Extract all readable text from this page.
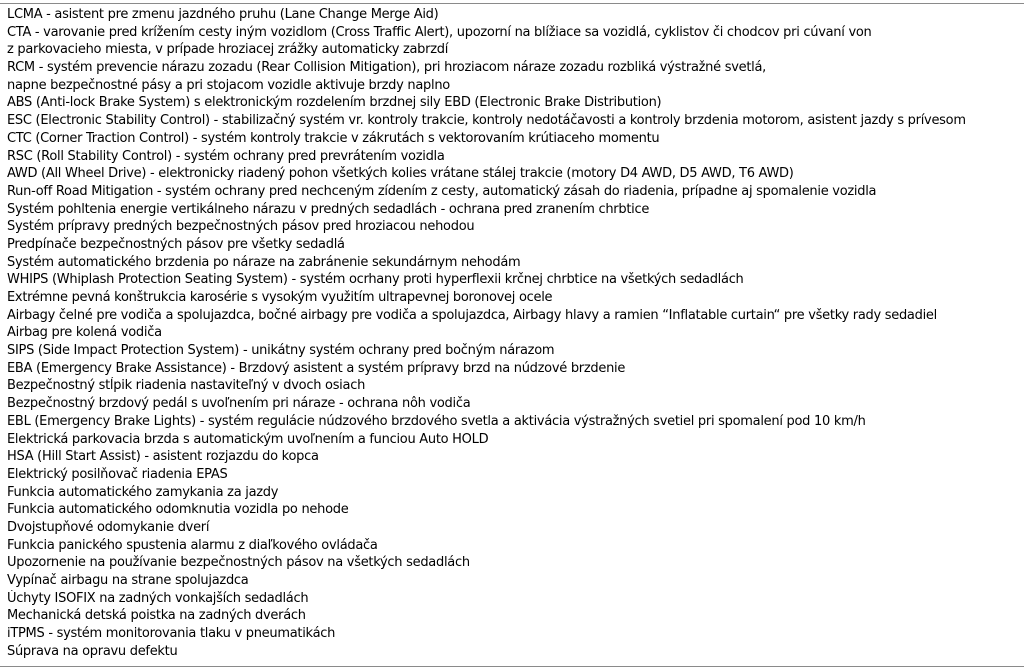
LCMA - asistent pre zmenu jazdného pruhu (Lane Change Merge Aid)
CTA - varovanie pred krížením cesty iným vozidlom (Cross Traffic Alert), upozorní na blížiace sa vozidlá, cyklistov či chodcov pri cúvaní von
z parkovacieho miesta, v prípade hroziacej zrážky automaticky zabrzdí
RCM - systém prevencie nárazu zozadu (Rear Collision Mitigation), pri hroziacom náraze zozadu rozbliká výstražné svetlá,
napne bezpečnostné pásy a pri stojacom vozidle aktivuje brzdy naplno
ABS (Anti-lock Brake System) s elektronickým rozdelením brzdnej sily EBD (Electronic Brake Distribution)
ESC (Electronic Stability Control) - stabilizačný systém vr. kontroly trakcie, kontroly nedotáčavosti a kontroly brzdenia motorom, asistent jazdy s prívesom
CTC (Corner Traction Control) - systém kontroly trakcie v zákrutách s vektorovaním krútiaceho momentu
RSC (Roll Stability Control) - systém ochrany pred prevrátením vozidla
AWD (All Wheel Drive) - elektronicky riadený pohon všetkých kolies vrátane stálej trakcie (motory D4 AWD, D5 AWD, T6 AWD)
Run-off Road Mitigation - systém ochrany pred nechceným zídením z cesty, automatický zásah do riadenia, prípadne aj spomalenie vozidla
Systém pohltenia energie vertikálneho nárazu v predných sedadlách - ochrana pred zranením chrbtice
Systém prípravy predných bezpečnostných pásov pred hroziacou nehodou
Predpínače bezpečnostných pásov pre všetky sedadlá
Systém automatického brzdenia po náraze na zabránenie sekundárnym nehodám
WHIPS (Whiplash Protection Seating System) - systém ocrhany proti hyperflexii krčnej chrbtice na všetkých sedadlách
Extrémne pevná konštrukcia karosérie s vysokým využitím ultrapevnej boronovej ocele
Airbagy čelné pre vodiča a spolujazdca, bočné airbagy pre vodiča a spolujazdca, Airbagy hlavy a ramien “Inflatable curtain“ pre všetky rady sedadiel
Airbag pre kolená vodiča
SIPS (Side Impact Protection System) - unikátny systém ochrany pred bočným nárazom
EBA (Emergency Brake Assistance) - Brzdový asistent a systém prípravy brzd na núdzové brzdenie
Bezpečnostný stĺpik riadenia nastaviteľný v dvoch osiach
Bezpečnostný brzdový pedál s uvoľnením pri náraze - ochrana nôh vodiča
EBL (Emergency Brake Lights) - systém regulácie núdzového brzdového svetla a aktivácia výstražných svetiel pri spomalení pod 10 km/h
Elektrická parkovacia brzda s automatickým uvoľnením a funciou Auto HOLD
HSA (Hill Start Assist) - asistent rozjazdu do kopca
Elektrický posilňovač riadenia EPAS
Funkcia automatického zamykania za jazdy
Funkcia automatického odomknutia vozidla po nehode
Dvojstupňové odomykanie dverí
Funkcia panického spustenia alarmu z diaľkového ovládača
Upozornenie na používanie bezpečnostných pásov na všetkých sedadlách
Vypínač airbagu na strane spolujazdca
Úchyty ISOFIX na zadných vonkajších sedadlách
Mechanická detská poistka na zadných dverách
iTPMS - systém monitorovania tlaku v pneumatikách
Súprava na opravu defektu
